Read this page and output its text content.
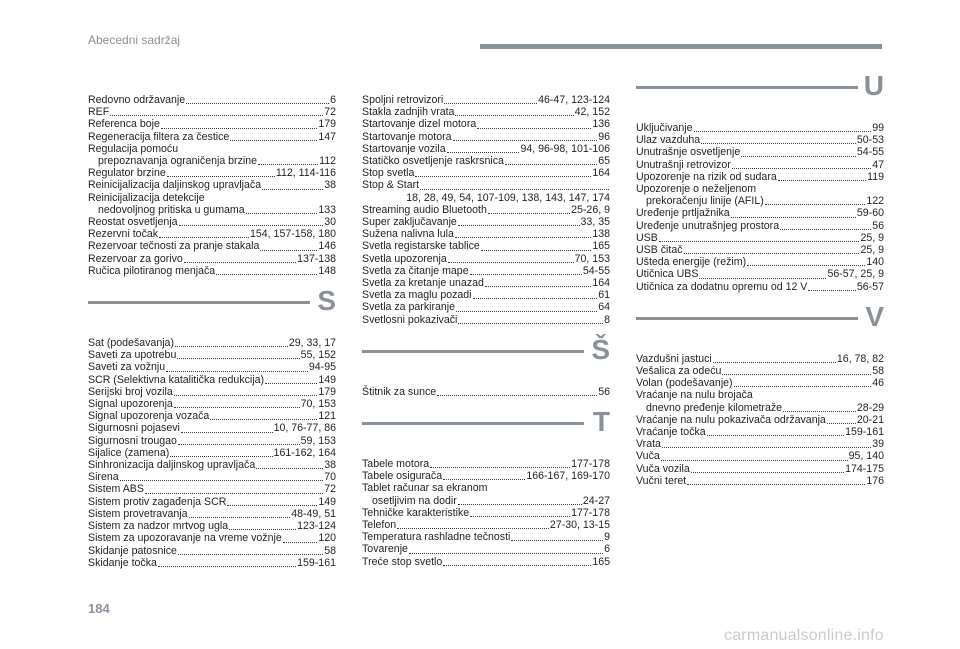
Abecedni sadržaj
Redovno održavanje	6
REF	72
Referenca boje	179
Regeneracija filtera za čestice	147
Regulacija pomoću
prepoznavanja ograničenja brzine	112
Regulator brzine	112, 114-116
Reinicijalizacija daljinskog upravljača	38
Reinicijalizacija detekcije
nedovoljnog pritiska u gumama	133
Reostat osvetljenja	30
Rezervni točak	154, 157-158, 180
Rezervoar tečnosti za pranje stakala	146
Rezervoar za gorivo	137-138
Ručica pilotiranog menjača	148
S
Sat (podešavanja)	29, 33, 17
Saveti za upotrebu	55, 152
Saveti za vožnju	94-95
SCR (Selektivna katalitička redukcija)	149
Serijski broj vozila	179
Signal upozorenja	70, 153
Signal upozorenja vozača	121
Sigurnosni pojasevi	10, 76-77, 86
Sigurnosni trougao	59, 153
Sijalice (zamena)	161-162, 164
Sinhronizacija daljinskog upravljača	38
Sirena	70
Sistem ABS	72
Sistem protiv zagađenja SCR	149
Sistem provetravanja	48-49, 51
Sistem za nadzor mrtvog ugla	123-124
Sistem za upozoravanje na vreme vožnje	120
Skidanje patosnice	58
Skidanje točka	159-161
Spoljni retrovizori	46-47, 123-124
Stakla zadnjih vrata	42, 152
Startovanje dizel motora	136
Startovanje motora	96
Startovanje vozila	94, 96-98, 101-106
Statičko osvetljenje raskrsnica	65
Stop svetla	164
Stop & Start
18, 28, 49, 54, 107-109, 138, 143, 147, 174
Streaming audio Bluetooth	25-26, 9
Super zaključavanje	33, 35
Sužena nalivna lula	138
Svetla registarske tablice	165
Svetla upozorenja	70, 153
Svetla za čitanje mape	54-55
Svetla za kretanje unazad	164
Svetla za maglu pozadi	61
Svetla za parkiranje	64
Svetlosni pokazivači	8
Š
Štitnik za sunce	56
T
Tabele motora	177-178
Tabele osigurača	166-167, 169-170
Tablet računar sa ekranom
osetljivim na dodir	24-27
Tehničke karakteristike	177-178
Telefon	27-30, 13-15
Temperatura rashladne tečnosti	9
Tovarenje	6
Treće stop svetlo	165
U
Uključivanje	99
Ulaz vazduha	50-53
Unutrašnje osvetljenje	54-55
Unutrašnji retrovizor	47
Upozorenje na rizik od sudara	119
Upozorenje o neželjenom
prekoračenju linije (AFIL)	122
Uređenje prtljažnika	59-60
Uređenje unutrašnjeg prostora	56
USB	25, 9
USB čitač	25, 9
Ušteda energije (režim)	140
Utičnica UBS	56-57, 25, 9
Utičnica za dodatnu opremu od 12 V	56-57
V
Vazdušni jastuci	16, 78, 82
Vešalica za odeću	58
Volan (podešavanje)	46
Vraćanje na nulu brojača
dnevno pređenje kilometraže	28-29
Vraćanje na nulu pokazivača održavanja	20-21
Vraćanje točka	159-161
Vrata	39
Vuča	95, 140
Vuča vozila	174-175
Vučni teret	176
184
carmanualsonline.info
